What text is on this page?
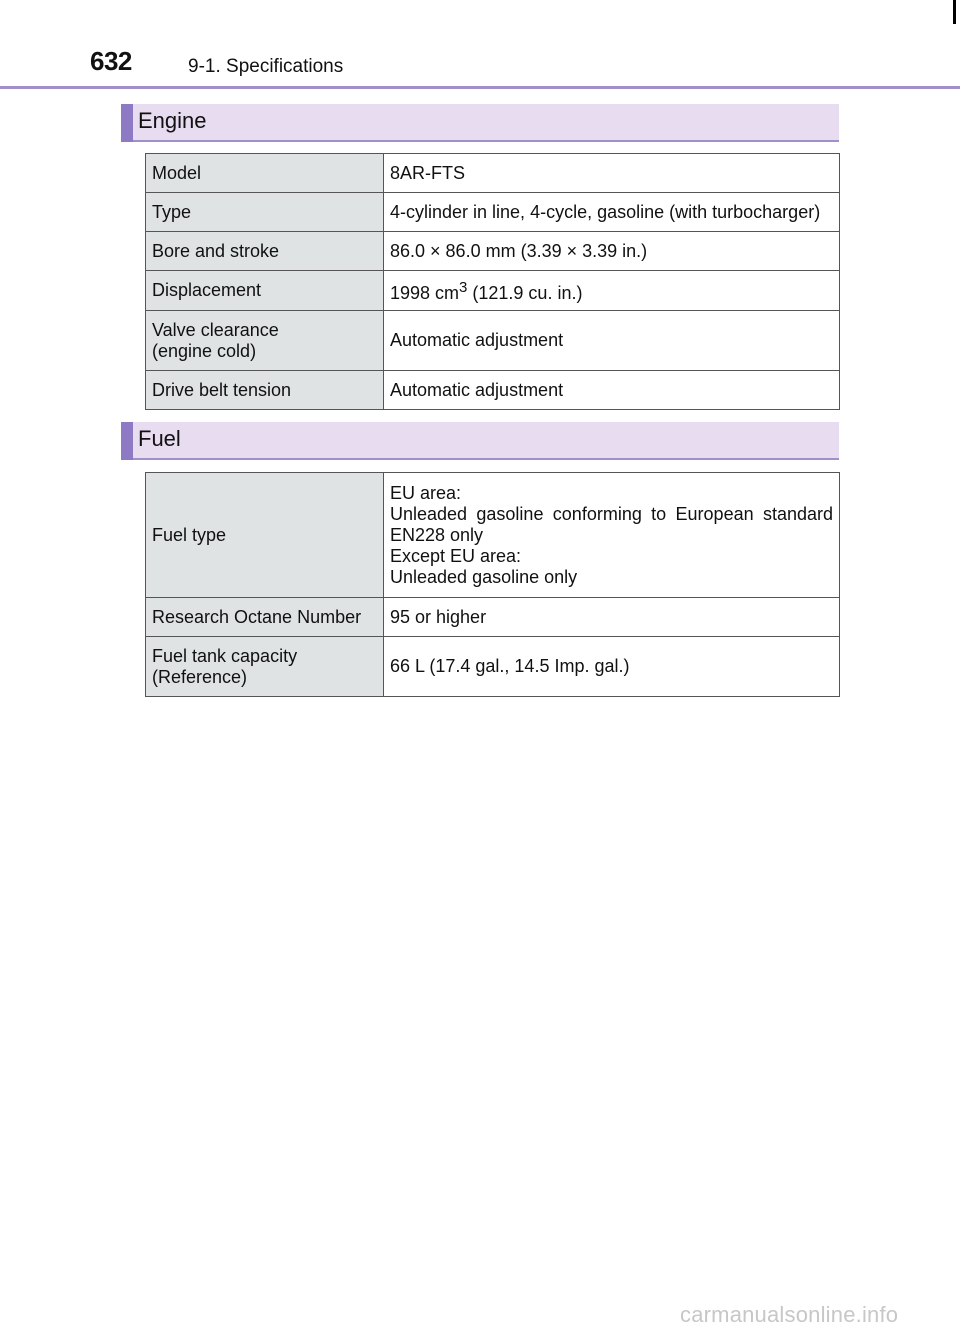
632	9-1. Specifications
Engine
Model	8AR-FTS
Type	4-cylinder in line, 4-cycle, gasoline (with turbocharger)
Bore and stroke	86.0 × 86.0 mm (3.39 × 3.39 in.)
Displacement	1998 $cm^3$ (121.9 cu. in.)

Valve clearance
(engine cold)	Automatic adjustment
Drive belt tension	Automatic adjustment
Fuel
Fuel type	EU area:
Unleaded gasoline conforming to European standard EN228 only
Except EU area:
Unleaded gasoline only

Research Octane Number	95 or higher

Fuel tank capacity
(Reference)	66 L (17.4 gal., 14.5 Imp. gal.)
carmanualsonline.info
